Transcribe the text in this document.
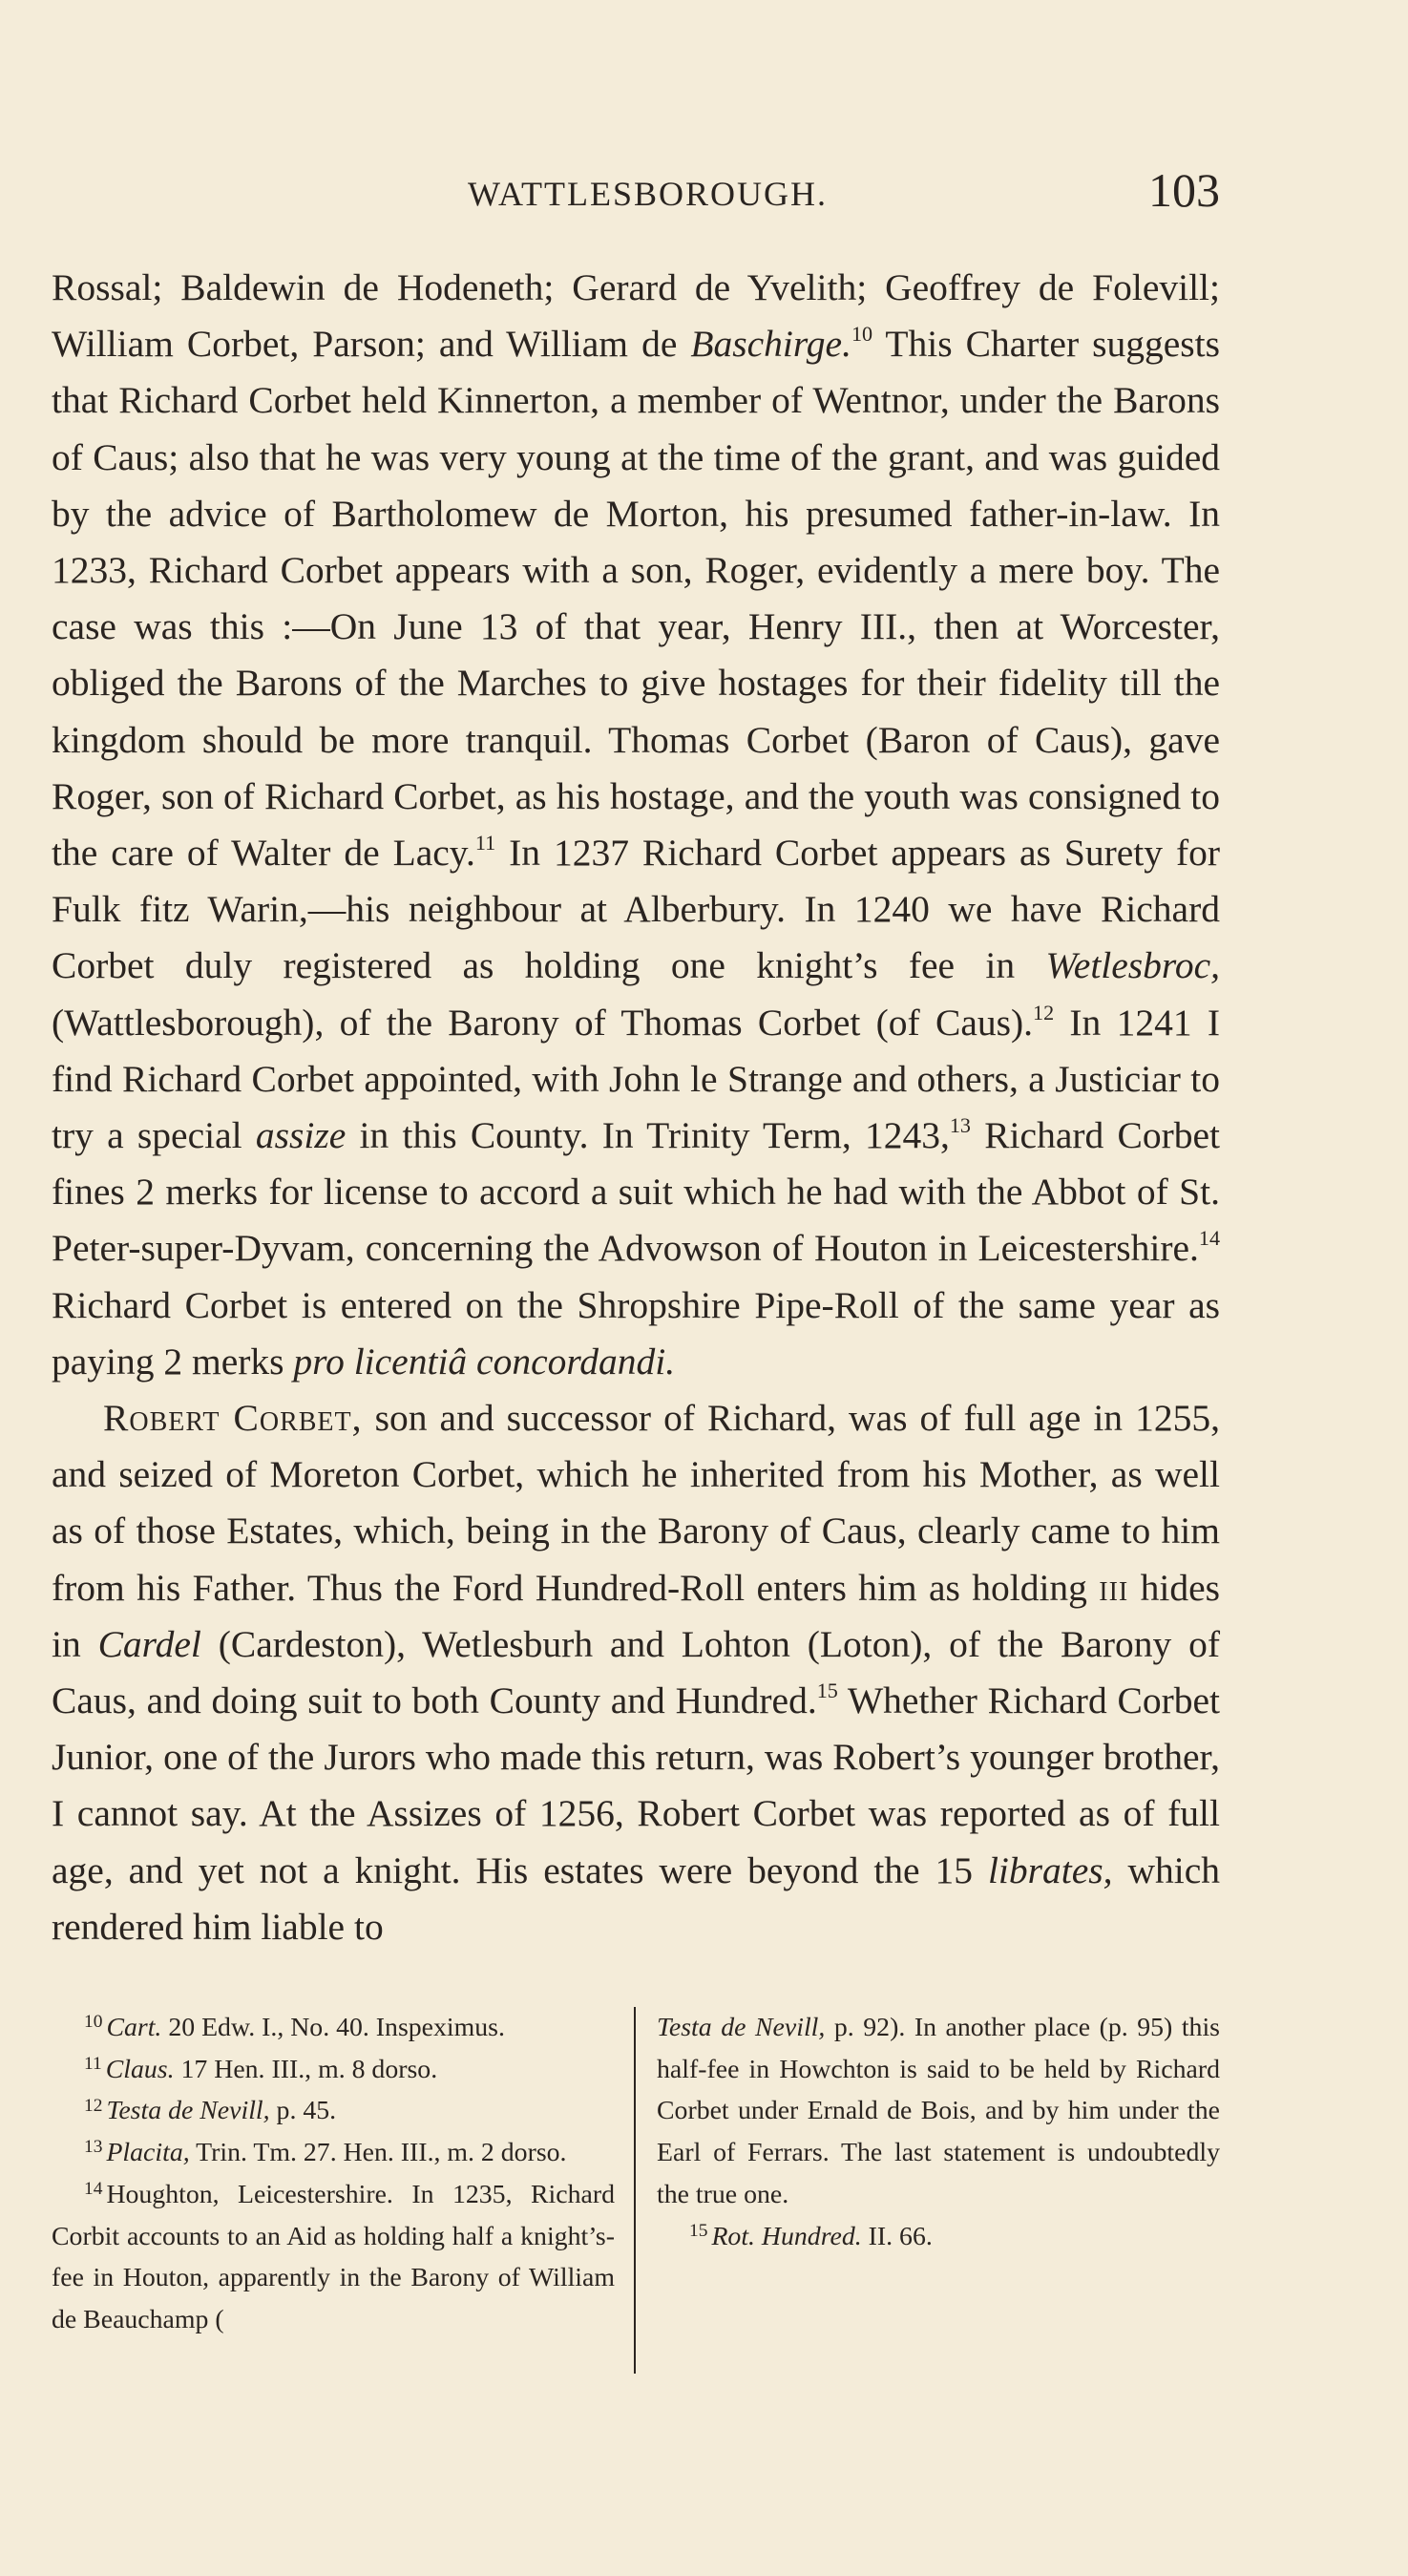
WATTLESBOROUGH.	103

Rossal; Baldewin de Hodeneth; Gerard de Yvelith; Geoffrey de Folevill; William Corbet, Parson; and William de Baschirge.$^{10}$ This Charter suggests that Richard Corbet held Kinnerton, a member of Wentnor, under the Barons of Caus; also that he was very young at the time of the grant, and was guided by the advice of Bartholomew de Morton, his presumed father-in-law. In 1233, Richard Corbet appears with a son, Roger, evidently a mere boy. The case was this :—On June 13 of that year, Henry III., then at Worcester, obliged the Barons of the Marches to give hostages for their fidelity till the kingdom should be more tranquil. Thomas Corbet (Baron of Caus), gave Roger, son of Richard Corbet, as his hostage, and the youth was consigned to the care of Walter de Lacy.$^{11}$ In 1237 Richard Corbet appears as Surety for Fulk fitz Warin,—his neighbour at Alberbury. In 1240 we have Richard Corbet duly registered as holding one knight’s fee in Wetlesbroc, (Wattlesborough), of the Barony of Thomas Corbet (of Caus).$^{12}$ In 1241 I find Richard Corbet appointed, with John le Strange and others, a Justiciar to try a special assize in this County. In Trinity Term, 1243,13 Richard Corbet fines 2 merks for license to accord a suit which he had with the Abbot of St. Peter-super-Dyvam, concerning the Advowson of Houton in Leicestershire.$^{14}$ Richard Corbet is entered on the Shropshire Pipe-Roll of the same year as paying 2 merks pro licentiâ concordandi.

Robert Corbet, son and successor of Richard, was of full age in 1255, and seized of Moreton Corbet, which he inherited from his Mother, as well as of those Estates, which, being in the Barony of Caus, clearly came to him from his Father. Thus the Ford Hundred-Roll enters him as holding iii hides in Cardel (Cardeston), Wetlesburh and Lohton (Loton), of the Barony of Caus, and doing suit to both County and Hundred.$^{15}$ Whether Richard Corbet Junior, one of the Jurors who made this return, was Robert’s younger brother, I cannot say. At the Assizes of 1256, Robert Corbet was reported as of full age, and yet not a knight. His estates were beyond the 15 librates, which rendered him liable to

$^{10}$ Cart. 20 Edw. I., No. 40. Inspeximus.

$^{11}$ Claus. 17 Hen. III., m. 8 dorso.

$^{12}$ Testa de Nevill, p. 45.

$^{13}$ Placita, Trin. Tm. 27. Hen. III., m. 2 dorso.

$^{14}$ Houghton, Leicestershire. In 1235, Richard Corbit accounts to an Aid as holding half a knight’s-fee in Houton, apparently in the Barony of William de Beauchamp (

Testa de Nevill, p. 92). In another place (p. 95) this half-fee in Howchton is said to be held by Richard Corbet under Ernald de Bois, and by him under the Earl of Ferrars. The last statement is undoubtedly the true one.

$^{15}$ Rot. Hundred. II. 66.
